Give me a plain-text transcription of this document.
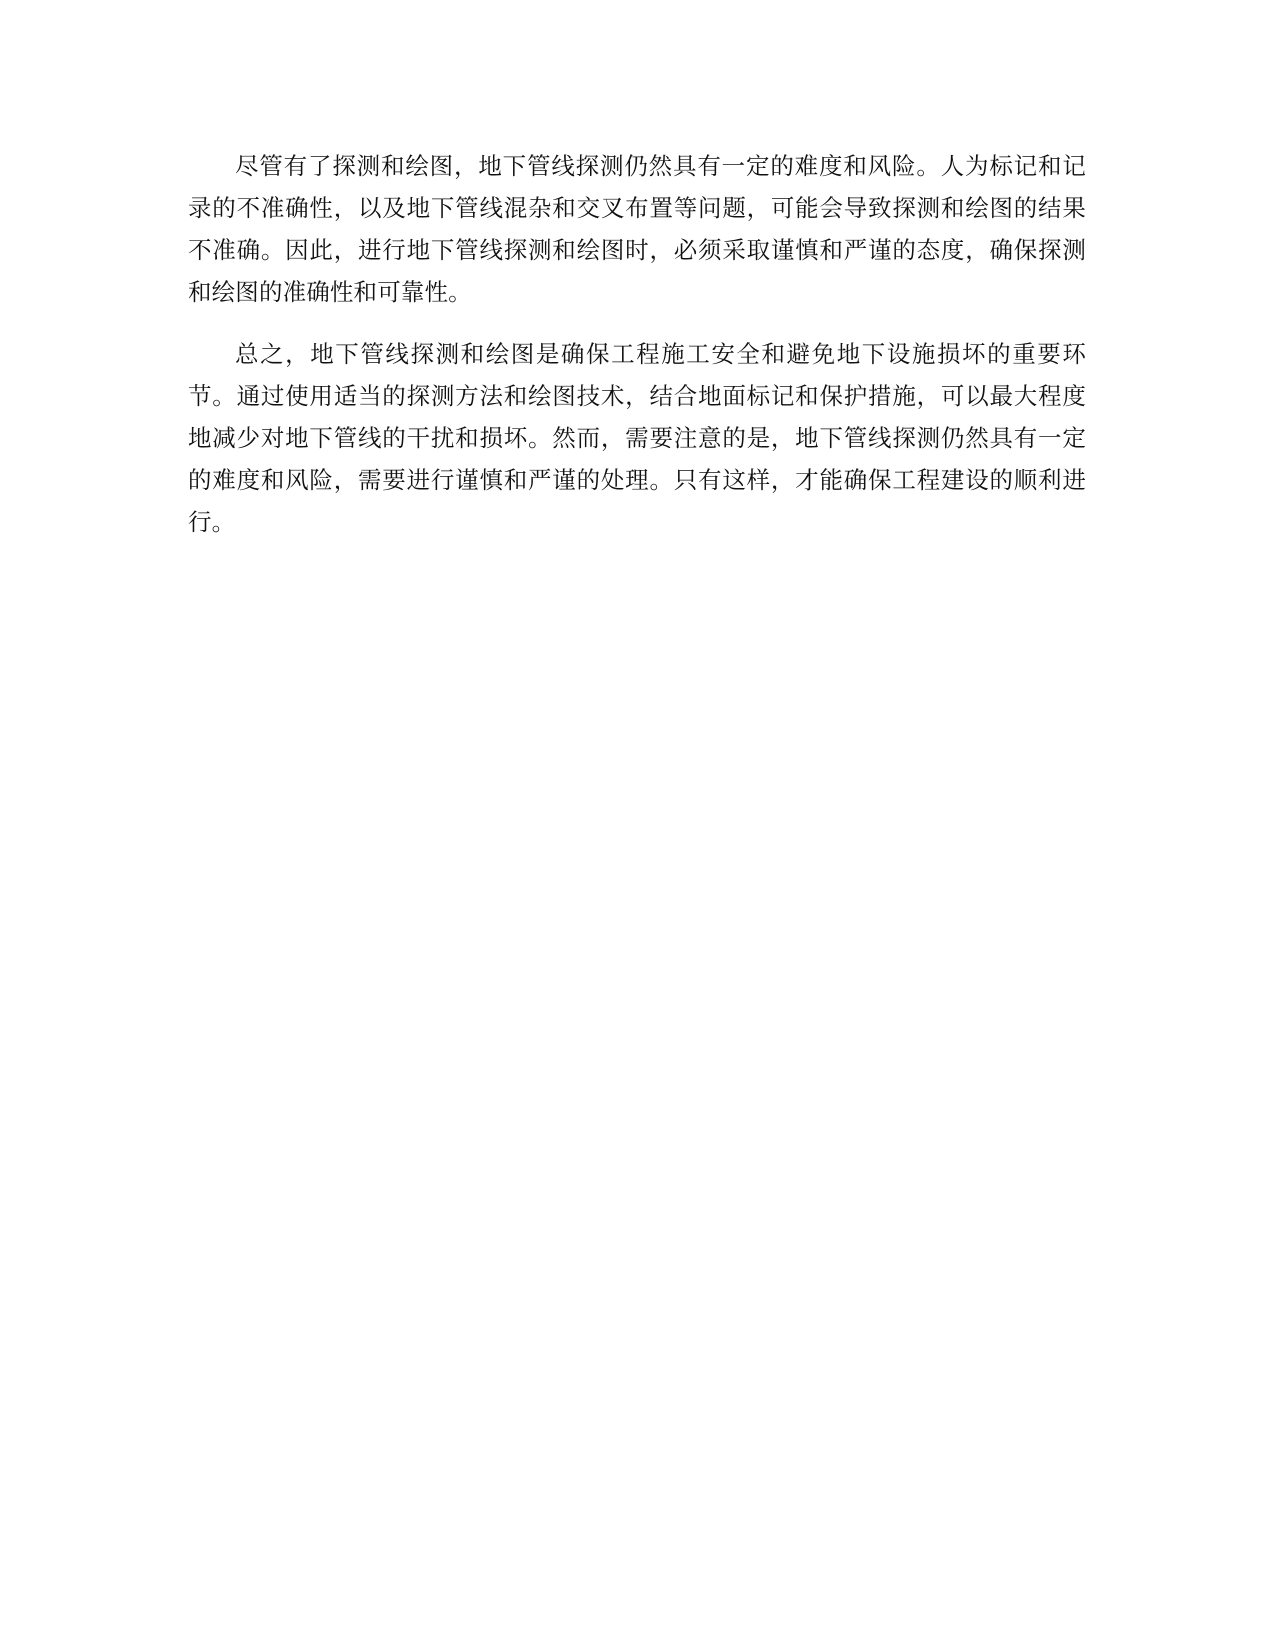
尽管有了探测和绘图，地下管线探测仍然具有一定的难度和风险。人为标记和记录的不准确性，以及地下管线混杂和交叉布置等问题，可能会导致探测和绘图的结果不准确。因此，进行地下管线探测和绘图时，必须采取谨慎和严谨的态度，确保探测和绘图的准确性和可靠性。

总之，地下管线探测和绘图是确保工程施工安全和避免地下设施损坏的重要环节。通过使用适当的探测方法和绘图技术，结合地面标记和保护措施，可以最大程度地减少对地下管线的干扰和损坏。然而，需要注意的是，地下管线探测仍然具有一定的难度和风险，需要进行谨慎和严谨的处理。只有这样，才能确保工程建设的顺利进行。
